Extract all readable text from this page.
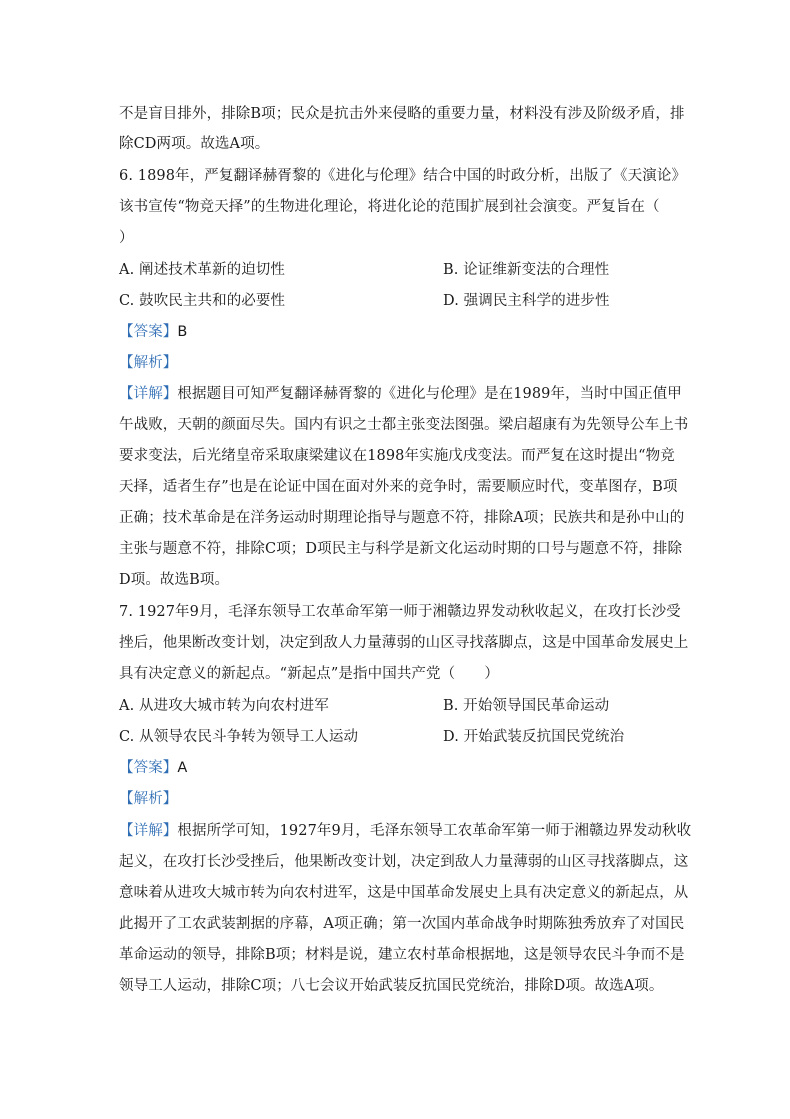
不是盲目排外，排除B项；民众是抗击外来侵略的重要力量，材料没有涉及阶级矛盾，排
除CD两项。故选A项。
6. 1898年，严复翻译赫胥黎的《进化与伦理》结合中国的时政分析，出版了《天演论》
该书宣传“物竞天择”的生物进化理论，将进化论的范围扩展到社会演变。严复旨在（
）
A. 阐述技术革新的迫切性	B. 论证维新变法的合理性
C. 鼓吹民主共和的必要性	D. 强调民主科学的进步性
【答案】B
【解析】
【详解】根据题目可知严复翻译赫胥黎的《进化与伦理》是在1989年，当时中国正值甲
午战败，天朝的颜面尽失。国内有识之士都主张变法图强。梁启超康有为先领导公车上书
要求变法，后光绪皇帝采取康梁建议在1898年实施戊戌变法。而严复在这时提出“物竞
天择，适者生存”也是在论证中国在面对外来的竞争时，需要顺应时代，变革图存，B项
正确；技术革命是在洋务运动时期理论指导与题意不符，排除A项；民族共和是孙中山的
主张与题意不符，排除C项；D项民主与科学是新文化运动时期的口号与题意不符，排除
D项。故选B项。
7. 1927年9月，毛泽东领导工农革命军第一师于湘赣边界发动秋收起义，在攻打长沙受
挫后，他果断改变计划，决定到敌人力量薄弱的山区寻找落脚点，这是中国革命发展史上
具有决定意义的新起点。“新起点”是指中国共产党（　　）
A. 从进攻大城市转为向农村进军	B. 开始领导国民革命运动
C. 从领导农民斗争转为领导工人运动	D. 开始武装反抗国民党统治
【答案】A
【解析】
【详解】根据所学可知，1927年9月，毛泽东领导工农革命军第一师于湘赣边界发动秋收
起义，在攻打长沙受挫后，他果断改变计划，决定到敌人力量薄弱的山区寻找落脚点，这
意味着从进攻大城市转为向农村进军，这是中国革命发展史上具有决定意义的新起点，从
此揭开了工农武装割据的序幕，A项正确；第一次国内革命战争时期陈独秀放弃了对国民
革命运动的领导，排除B项；材料是说，建立农村革命根据地，这是领导农民斗争而不是
领导工人运动，排除C项；八七会议开始武装反抗国民党统治，排除D项。故选A项。
